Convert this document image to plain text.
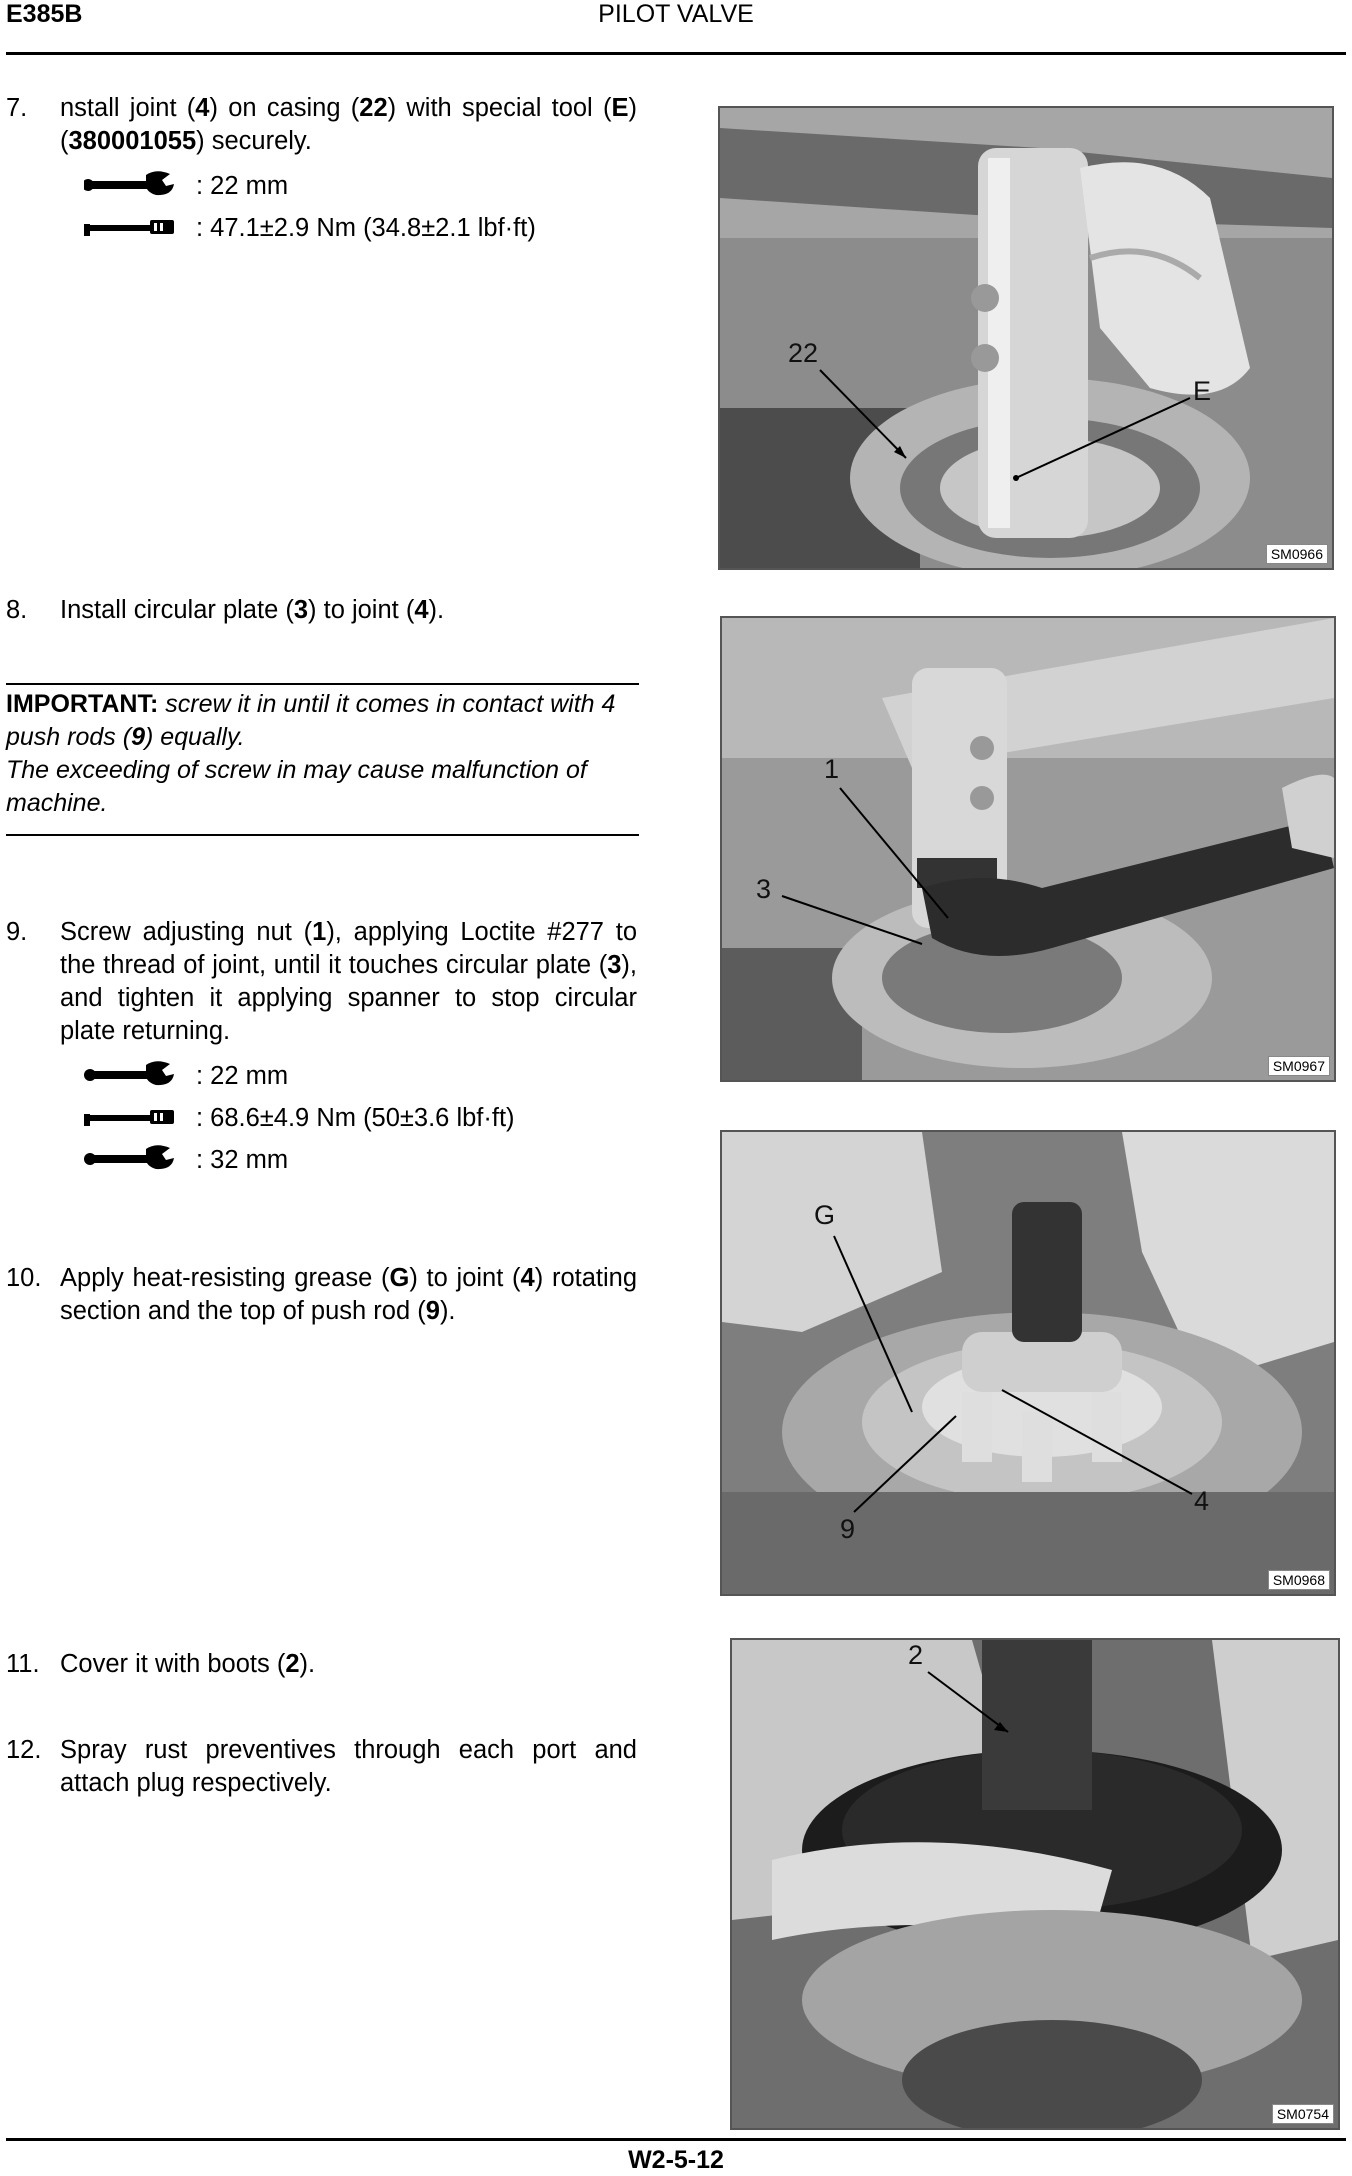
E385B	PILOT VALVE
7. nstall joint (4) on casing (22) with special tool (E) (380001055) securely.
: 22 mm
: 47.1±2.9 Nm (34.8±2.1 lbf·ft)
22
E
SM0966
8. Install circular plate (3) to joint (4).
IMPORTANT: screw it in until it comes in contact with 4 push rods (9) equally.
The exceeding of screw in may cause malfunction of machine.
9. Screw adjusting nut (1), applying Loctite #277 to the thread of joint, until it touches circular plate (3), and tighten it applying spanner to stop circular plate returning.
: 22 mm
: 68.6±4.9 Nm (50±3.6 lbf·ft)
: 32 mm
1
3
SM0967
10. Apply heat-resisting grease (G) to joint (4) rotating section and the top of push rod (9).
G
4
9
SM0968
11. Cover it with boots (2).
12. Spray rust preventives through each port and attach plug respectively.
2
SM0754
W2-5-12
